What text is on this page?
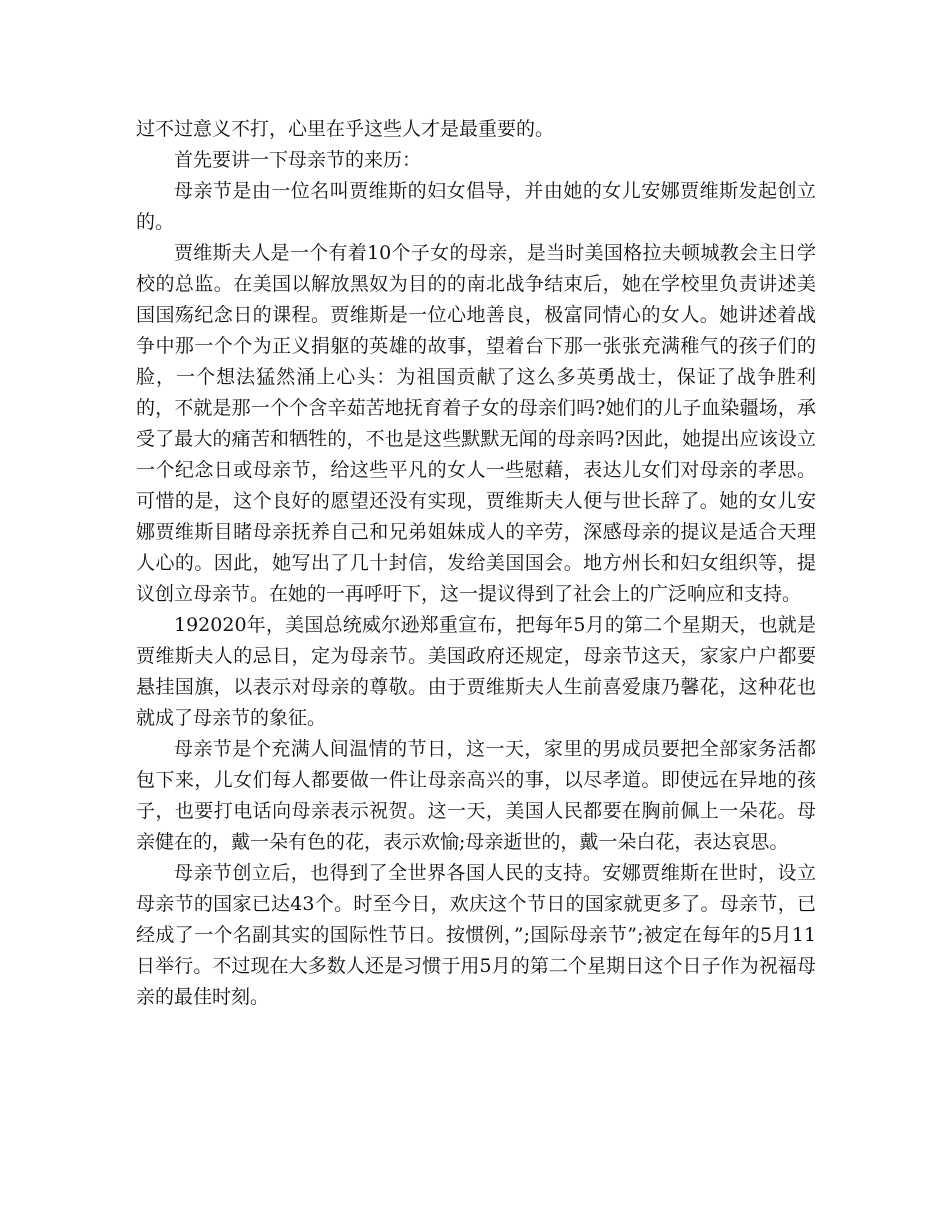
过不过意义不打，心里在乎这些人才是最重要的。

首先要讲一下母亲节的来历：

母亲节是由一位名叫贾维斯的妇女倡导，并由她的女儿安娜贾维斯发起创立的。

贾维斯夫人是一个有着10个子女的母亲，是当时美国格拉夫顿城教会主日学校的总监。在美国以解放黑奴为目的的南北战争结束后，她在学校里负责讲述美国国殇纪念日的课程。贾维斯是一位心地善良，极富同情心的女人。她讲述着战争中那一个个为正义捐躯的英雄的故事，望着台下那一张张充满稚气的孩子们的脸，一个想法猛然涌上心头：为祖国贡献了这么多英勇战士，保证了战争胜利的，不就是那一个个含辛茹苦地抚育着子女的母亲们吗?她们的儿子血染疆场，承受了最大的痛苦和牺牲的，不也是这些默默无闻的母亲吗?因此，她提出应该设立一个纪念日或母亲节，给这些平凡的女人一些慰藉，表达儿女们对母亲的孝思。可惜的是，这个良好的愿望还没有实现，贾维斯夫人便与世长辞了。她的女儿安娜贾维斯目睹母亲抚养自己和兄弟姐妹成人的辛劳，深感母亲的提议是适合天理人心的。因此，她写出了几十封信，发给美国国会。地方州长和妇女组织等，提议创立母亲节。在她的一再呼吁下，这一提议得到了社会上的广泛响应和支持。

192020年，美国总统威尔逊郑重宣布，把每年5月的第二个星期天，也就是贾维斯夫人的忌日，定为母亲节。美国政府还规定，母亲节这天，家家户户都要悬挂国旗，以表示对母亲的尊敬。由于贾维斯夫人生前喜爱康乃馨花，这种花也就成了母亲节的象征。

母亲节是个充满人间温情的节日，这一天，家里的男成员要把全部家务活都包下来，儿女们每人都要做一件让母亲高兴的事，以尽孝道。即使远在异地的孩子，也要打电话向母亲表示祝贺。这一天，美国人民都要在胸前佩上一朵花。母亲健在的，戴一朵有色的花，表示欢愉;母亲逝世的，戴一朵白花，表达哀思。

母亲节创立后，也得到了全世界各国人民的支持。安娜贾维斯在世时，设立母亲节的国家已达43个。时至今日，欢庆这个节日的国家就更多了。母亲节，已经成了一个名副其实的国际性节日。按惯例，”;国际母亲节”;被定在每年的5月11日举行。不过现在大多数人还是习惯于用5月的第二个星期日这个日子作为祝福母亲的最佳时刻。
